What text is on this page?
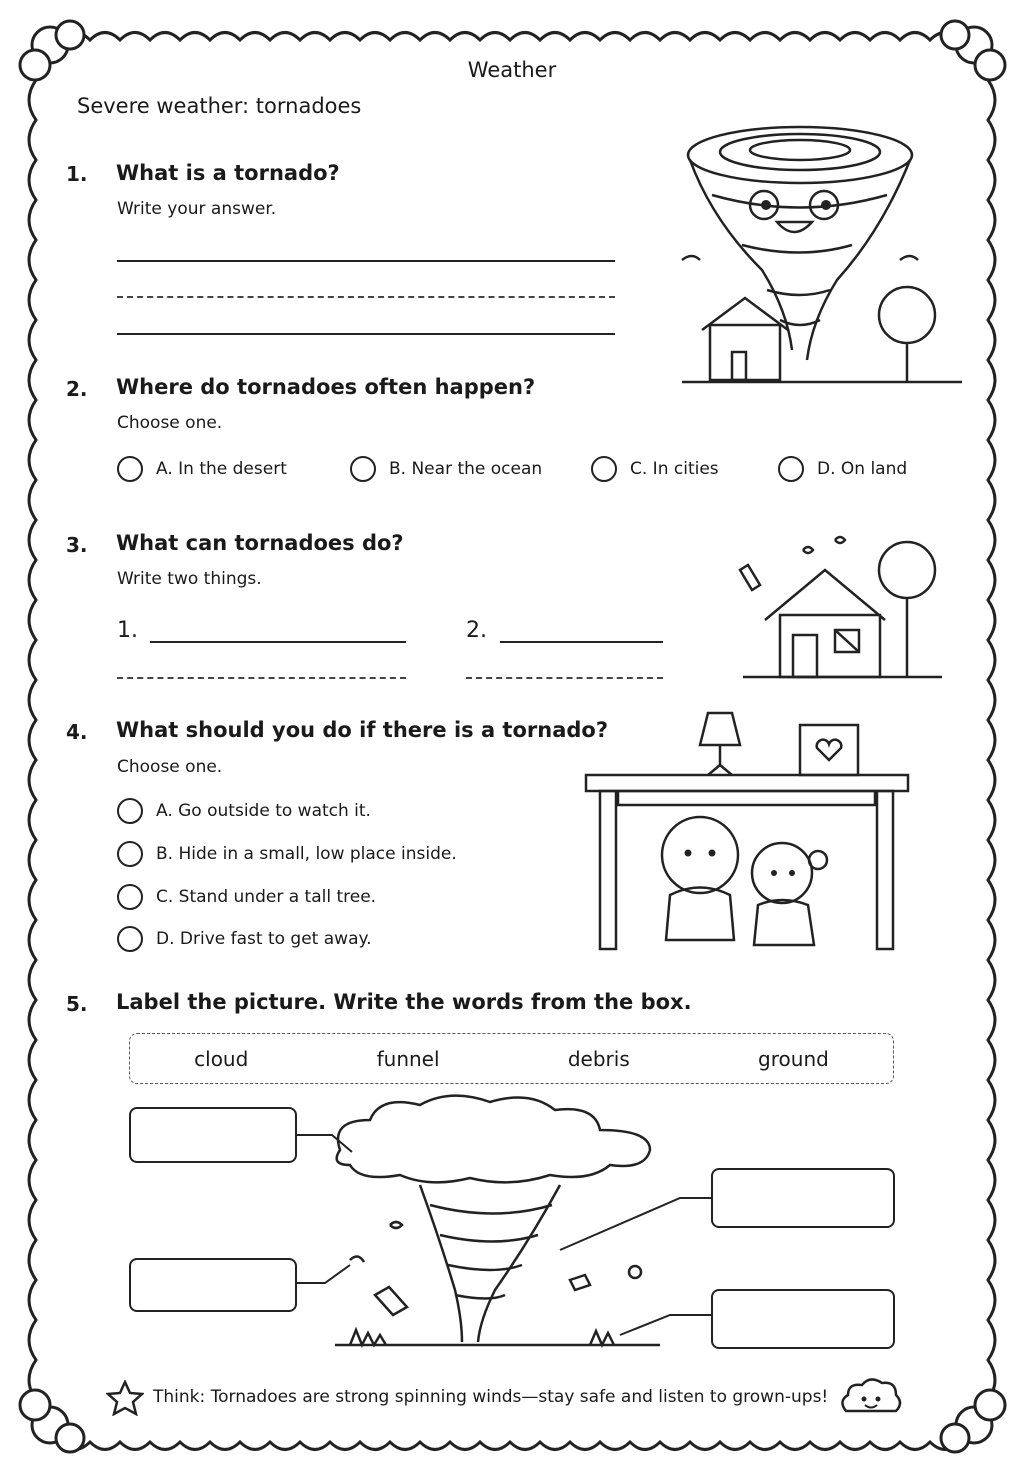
Weather
Severe weather: tornadoes
1. What is a tornado?
Write your answer.
2. Where do tornadoes often happen?
Choose one.
A. In the desert	B. Near the ocean	C. In cities	D. On land
3. What can tornadoes do?
Write two things.
1.	2.
4. What should you do if there is a tornado?
Choose one.
A. Go outside to watch it.
B. Hide in a small, low place inside.
C. Stand under a tall tree.
D. Drive fast to get away.
5. Label the picture. Write the words from the box.
cloud	funnel	debris	ground
Think: Tornadoes are strong spinning winds—stay safe and listen to grown-ups!
